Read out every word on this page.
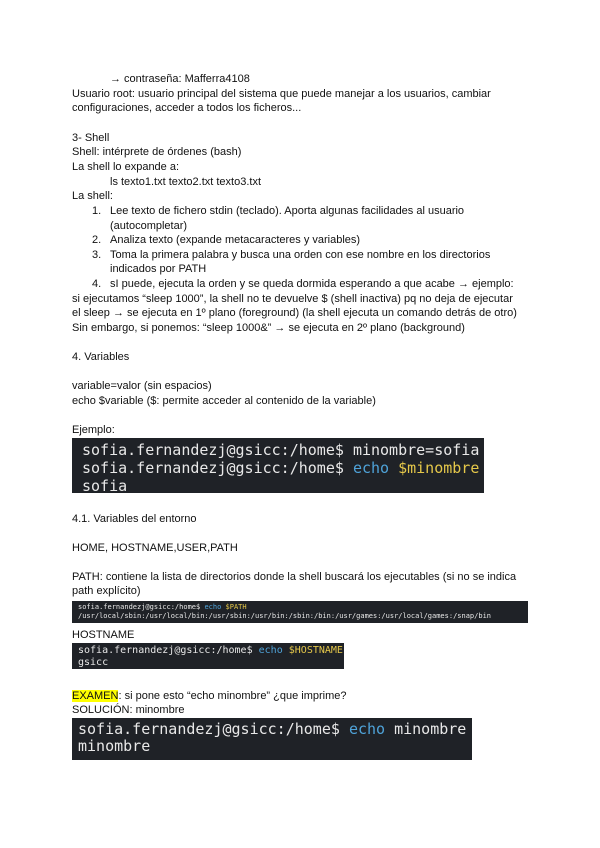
→ contraseña: Mafferra4108
Usuario root: usuario principal del sistema que puede manejar a los usuarios, cambiar
configuraciones, acceder a todos los ficheros...
3- Shell
Shell: intérprete de órdenes (bash)
La shell lo expande a:
ls texto1.txt texto2.txt texto3.txt
La shell:
1. Lee texto de fichero stdin (teclado). Aporta algunas facilidades al usuario
(autocompletar)
2. Analiza texto (expande metacaracteres y variables)
3. Toma la primera palabra y busca una orden con ese nombre en los directorios
indicados por PATH
4. sI puede, ejecuta la orden y se queda dormida esperando a que acabe → ejemplo:
si ejecutamos “sleep 1000”, la shell no te devuelve $ (shell inactiva) pq no deja de ejecutar
el sleep → se ejecuta en 1º plano (foreground) (la shell ejecuta un comando detrás de otro)
Sin embargo, si ponemos: “sleep 1000&” → se ejecuta en 2º plano (background)
4. Variables
variable=valor (sin espacios)
echo $variable ($: permite acceder al contenido de la variable)
Ejemplo:
sofia.fernandezj@gsicc:/home$ minombre=sofia
sofia.fernandezj@gsicc:/home$ echo $minombre
sofia
4.1. Variables del entorno
HOME, HOSTNAME,USER,PATH
PATH: contiene la lista de directorios donde la shell buscará los ejecutables (si no se indica
path explícito)
sofia.fernandezj@gsicc:/home$ echo $PATH
/usr/local/sbin:/usr/local/bin:/usr/sbin:/usr/bin:/sbin:/bin:/usr/games:/usr/local/games:/snap/bin
HOSTNAME
sofia.fernandezj@gsicc:/home$ echo $HOSTNAME
gsicc
EXAMEN: si pone esto “echo minombre” ¿que imprime?
SOLUCIÓN: minombre
sofia.fernandezj@gsicc:/home$ echo minombre
minombre
